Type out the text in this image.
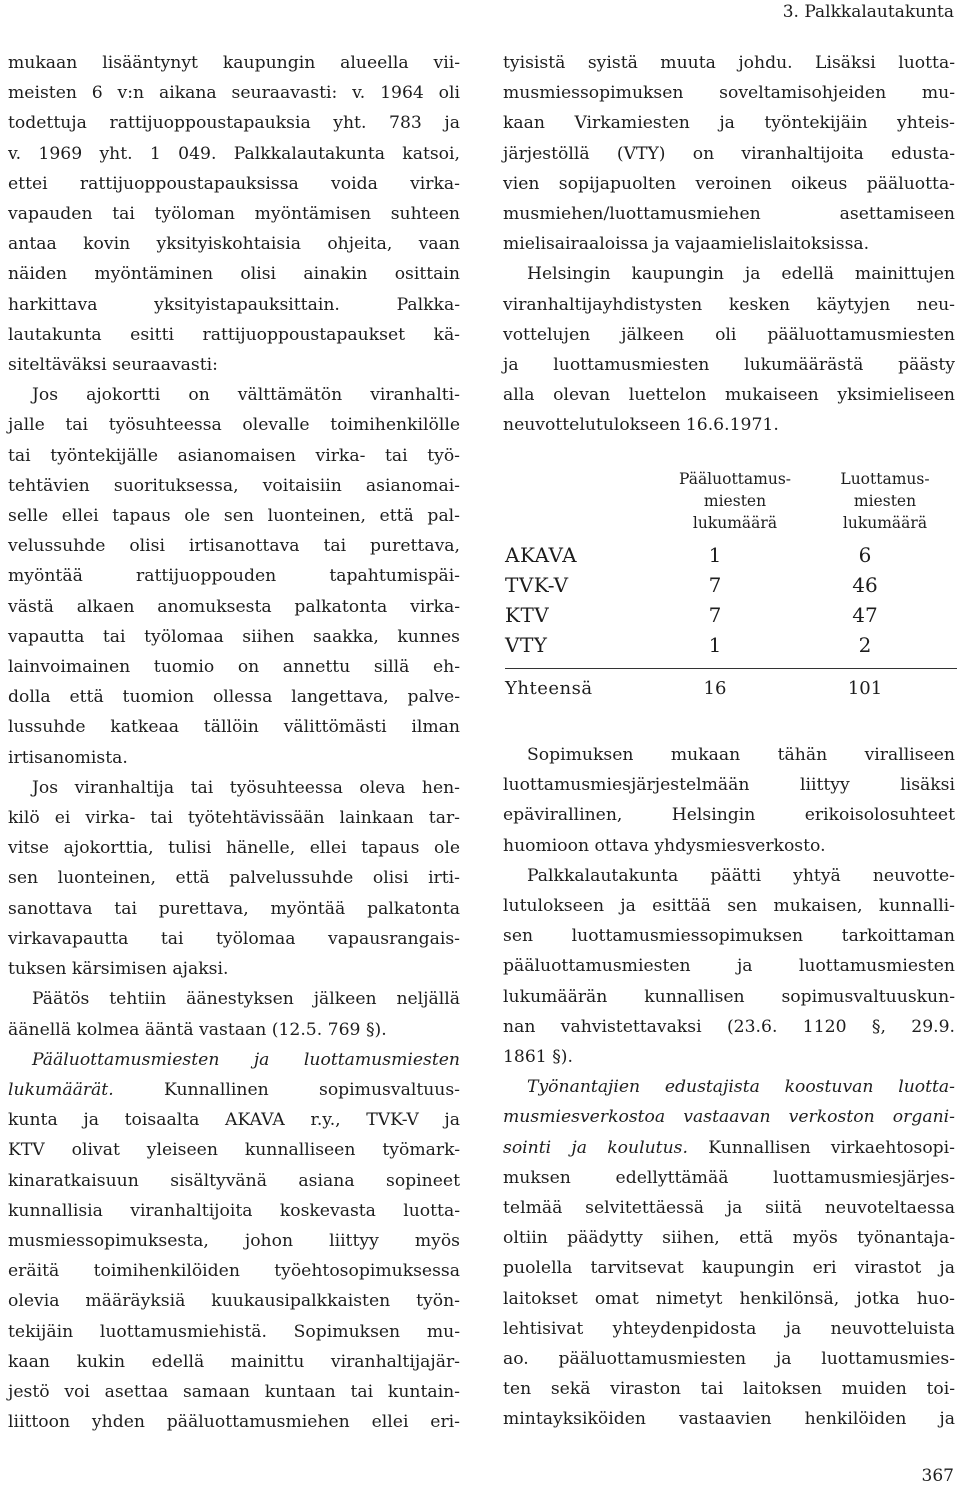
3. Palkkalautakunta
mukaan lisääntynyt kaupungin alueella vii-
meisten 6 v:n aikana seuraavasti: v. 1964 oli
todettuja rattijuoppoustapauksia yht. 783 ja
v. 1969 yht. 1 049. Palkkalautakunta katsoi,
ettei rattijuoppoustapauksissa voida virka-
vapauden tai työloman myöntämisen suhteen
antaa kovin yksityiskohtaisia ohjeita, vaan
näiden myöntäminen olisi ainakin osittain
harkittava yksityistapauksittain. Palkka-
lautakunta esitti rattijuoppoustapaukset kä-
siteltäväksi seuraavasti:
Jos ajokortti on välttämätön viranhalti-
jalle tai työsuhteessa olevalle toimihenkilölle
tai työntekijälle asianomaisen virka- tai työ-
tehtävien suorituksessa, voitaisiin asianomai-
selle ellei tapaus ole sen luonteinen, että pal-
velussuhde olisi irtisanottava tai purettava,
myöntää rattijuoppouden tapahtumispäi-
västä alkaen anomuksesta palkatonta virka-
vapautta tai työlomaa siihen saakka, kunnes
lainvoimainen tuomio on annettu sillä eh-
dolla että tuomion ollessa langettava, palve-
lussuhde katkeaa tällöin välittömästi ilman
irtisanomista.
Jos viranhaltija tai työsuhteessa oleva hen-
kilö ei virka- tai työtehtävissään lainkaan tar-
vitse ajokorttia, tulisi hänelle, ellei tapaus ole
sen luonteinen, että palvelussuhde olisi irti-
sanottava tai purettava, myöntää palkatonta
virkavapautta tai työlomaa vapausrangais-
tuksen kärsimisen ajaksi.
Päätös tehtiin äänestyksen jälkeen neljällä
äänellä kolmea ääntä vastaan (12.5. 769 §).
Pääluottamusmiesten ja luottamusmiesten
lukumäärät. Kunnallinen sopimusvaltuus-
kunta ja toisaalta AKAVA r.y., TVK-V ja
KTV olivat yleiseen kunnalliseen työmark-
kinaratkaisuun sisältyvänä asiana sopineet
kunnallisia viranhaltijoita koskevasta luotta-
musmiessopimuksesta, johon liittyy myös
eräitä toimihenkilöiden työehtosopimuksessa
olevia määräyksiä kuukausipalkkaisten työn-
tekijäin luottamusmiehistä. Sopimuksen mu-
kaan kukin edellä mainittu viranhaltijajär-
jestö voi asettaa samaan kuntaan tai kuntain-
liittoon yhden pääluottamusmiehen ellei eri-
tyisistä syistä muuta johdu. Lisäksi luotta-
musmiessopimuksen soveltamisohjeiden mu-
kaan Virkamiesten ja työntekijäin yhteis-
järjestöllä (VTY) on viranhaltijoita edusta-
vien sopijapuolten veroinen oikeus pääluotta-
musmiehen/luottamusmiehen asettamiseen
mielisairaaloissa ja vajaamielislaitoksissa.
Helsingin kaupungin ja edellä mainittujen
viranhaltijayhdistysten kesken käytyjen neu-
vottelujen jälkeen oli pääluottamusmiesten
ja luottamusmiesten lukumäärästä päästy
alla olevan luettelon mukaiseen yksimieliseen
neuvottelutulokseen 16.6.1971.
Pääluottamus-
miesten
lukumäärä
Luottamus-
miesten
lukumäärä
AKAVA	1	6
TVK-V	7	46
KTV	7	47
VTY	1	2
Yhteensä	16	101
Sopimuksen mukaan tähän viralliseen
luottamusmiesjärjestelmään liittyy lisäksi
epävirallinen, Helsingin erikoisolosuhteet
huomioon ottava yhdysmiesverkosto.
Palkkalautakunta päätti yhtyä neuvotte-
lutulokseen ja esittää sen mukaisen, kunnalli-
sen luottamusmiessopimuksen tarkoittaman
pääluottamusmiesten ja luottamusmiesten
lukumäärän kunnallisen sopimusvaltuuskun-
nan vahvistettavaksi (23.6. 1120 §, 29.9.
1861 §).
Työnantajien edustajista koostuvan luotta-
musmiesverkostoa vastaavan verkoston organi-
sointi ja koulutus. Kunnallisen virkaehtosopi-
muksen edellyttämää luottamusmiesjärjes-
telmää selvitettäessä ja siitä neuvoteltaessa
oltiin päädytty siihen, että myös työnantaja-
puolella tarvitsevat kaupungin eri virastot ja
laitokset omat nimetyt henkilönsä, jotka huo-
lehtisivat yhteydenpidosta ja neuvotteluista
ao. pääluottamusmiesten ja luottamusmies-
ten sekä viraston tai laitoksen muiden toi-
mintayksiköiden vastaavien henkilöiden ja
367
